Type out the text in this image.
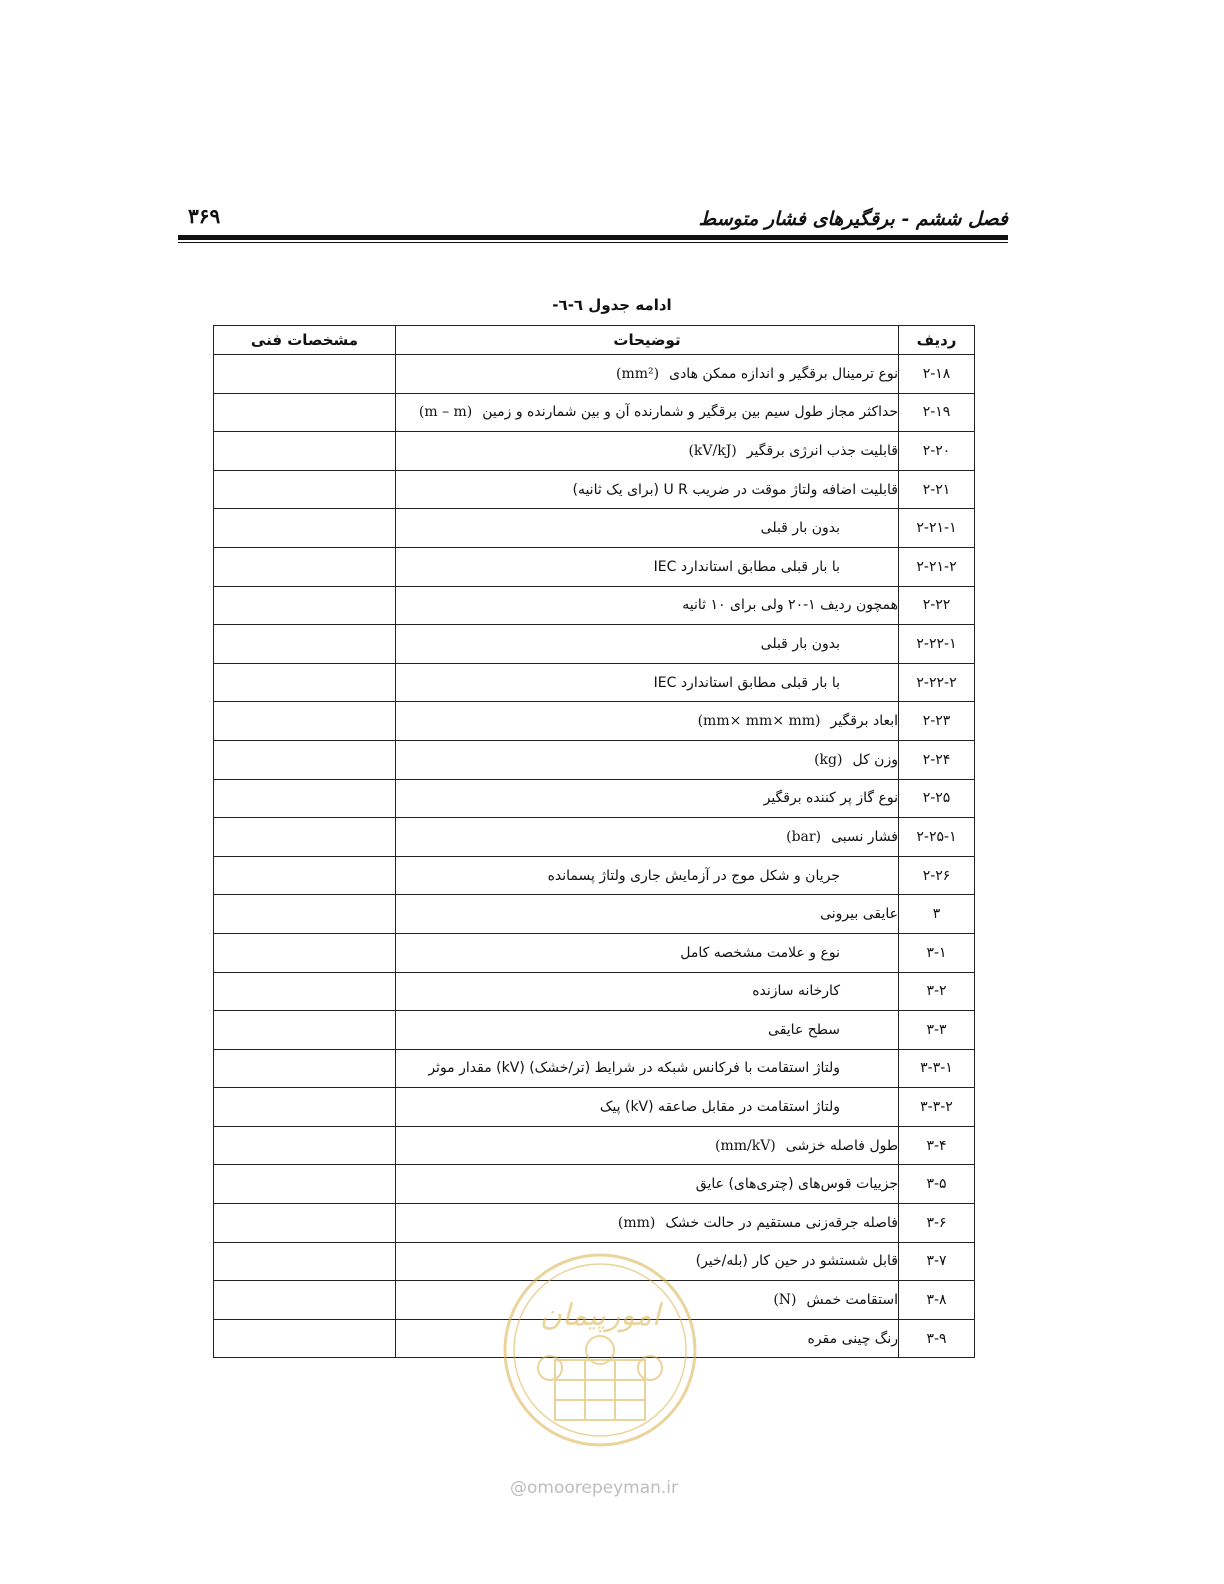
۳۶۹	فصل ششم - برقگیرهای فشار متوسط
ادامه جدول ٦-٦-
ردیف	توضیحات	مشخصات فنی
۲-۱۸	نوع ترمینال برقگیر و اندازه ممکن هادی(mm²)	
۲-۱۹	حداکثر مجاز طول سیم بین برقگیر و شمارنده آن و بین شمارنده و زمین(m – m)	
۲-۲۰	قابلیت جذب انرژی برقگیر(kV/kJ)	
۲-۲۱	قابلیت اضافه ولتاژ موقت در ضریب U R (برای یک ثانیه)	
۲-۲۱-۱	بدون بار قبلی	
۲-۲۱-۲	با بار قبلی مطابق استاندارد IEC	
۲-۲۲	همچون ردیف ۱-۲۰ ولی برای ۱۰ ثانیه	
۲-۲۲-۱	بدون بار قبلی	
۲-۲۲-۲	با بار قبلی مطابق استاندارد IEC	
۲-۲۳	ابعاد برقگیر(mm× mm× mm)	
۲-۲۴	وزن کل(kg)	
۲-۲۵	نوع گاز پر کننده برقگیر	
۲-۲۵-۱	فشار نسبی(bar)	
۲-۲۶	جریان و شکل موج در آزمایش جاری ولتاژ پسمانده	
۳	عایقی بیرونی	
۳-۱	نوع و علامت مشخصه کامل	
۳-۲	کارخانه سازنده	
۳-۳	سطح عایقی	
۳-۳-۱	ولتاژ استقامت با فرکانس شبکه در شرایط (تر/خشک) (kV) مقدار موثر	
۳-۳-۲	ولتاژ استقامت در مقابل صاعقه (kV) پیک	
۳-۴	طول فاصله خزشی(mm/kV)	
۳-۵	جزییات قوس‌های (چتری‌های) عایق	
۳-۶	فاصله جرقه‌زنی مستقیم در حالت خشک(mm)	
۳-۷	قابل شستشو در حین کار (بله/خیر)	
۳-۸	استقامت خمش(N)	
۳-۹	رنگ چینی مقره	
امورپیمان
@omoorepeyman.ir
